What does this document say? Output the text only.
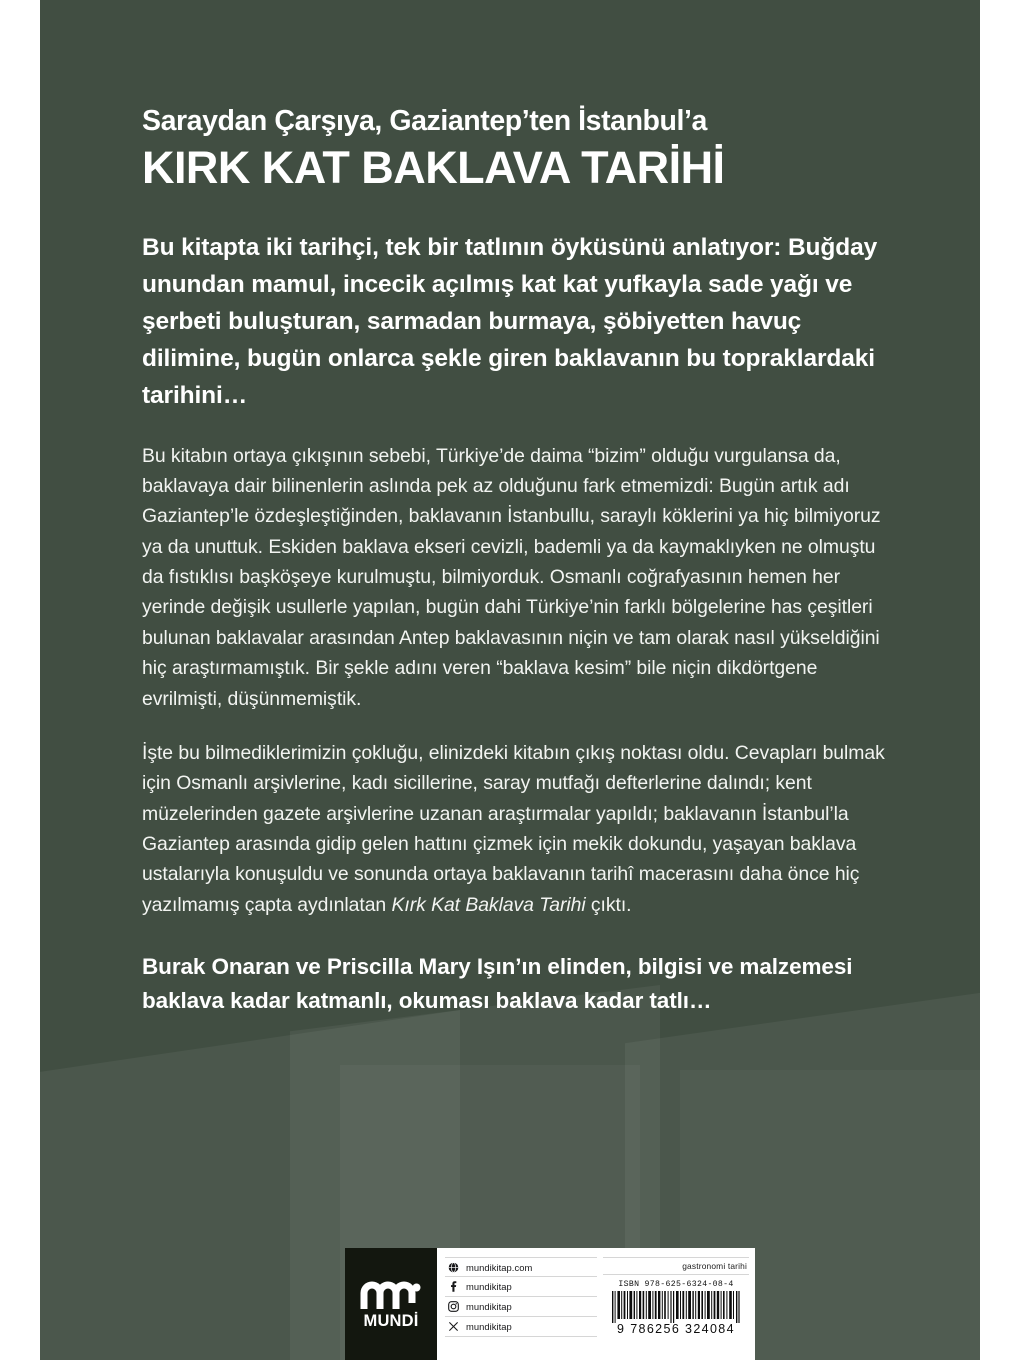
Saraydan Çarşıya, Gaziantep’ten İstanbul’a
KIRK KAT BAKLAVA TARİHİ
Bu kitapta iki tarihçi, tek bir tatlının öyküsünü anlatıyor: Buğday unundan mamul, incecik açılmış kat kat yufkayla sade yağı ve şerbeti buluşturan, sarmadan burmaya, şöbiyetten havuç dilimine, bugün onlarca şekle giren baklavanın bu topraklardaki tarihini…
Bu kitabın ortaya çıkışının sebebi, Türkiye’de daima “bizim” olduğu vurgulansa da, baklavaya dair bilinenlerin aslında pek az olduğunu fark etmemizdi: Bugün artık adı Gaziantep’le özdeşleştiğinden, baklavanın İstanbullu, saraylı köklerini ya hiç bilmiyoruz ya da unuttuk. Eskiden baklava ekseri cevizli, bademli ya da kaymaklıyken ne olmuştu da fıstıklısı başköşeye kurulmuştu, bilmiyorduk. Osmanlı coğrafyasının hemen her yerinde değişik usullerle yapılan, bugün dahi Türkiye’nin farklı bölgelerine has çeşitleri bulunan baklavalar arasından Antep baklavasının niçin ve tam olarak nasıl yükseldiğini hiç araştırmamıştık. Bir şekle adını veren “baklava kesim” bile niçin dikdörtgene evrilmişti, düşünmemiştik.
İşte bu bilmediklerimizin çokluğu, elinizdeki kitabın çıkış noktası oldu. Cevapları bulmak için Osmanlı arşivlerine, kadı sicillerine, saray mutfağı defterlerine dalındı; kent müzelerinden gazete arşivlerine uzanan araştırmalar yapıldı; baklavanın İstanbul’la Gaziantep arasında gidip gelen hattını çizmek için mekik dokundu, yaşayan baklava ustalarıyla konuşuldu ve sonunda ortaya baklavanın tarihî macerasını daha önce hiç yazılmamış çapta aydınlatan Kırk Kat Baklava Tarihi çıktı.
Burak Onaran ve Priscilla Mary Işın’ın elinden, bilgisi ve malzemesi baklava kadar katmanlı, okuması baklava kadar tatlı…
MUNDİ
mundikitap.com
mundikitap
mundikitap
mundikitap
gastronomi tarihi
ISBN 978-625-6324-08-4
9 786256 324084
